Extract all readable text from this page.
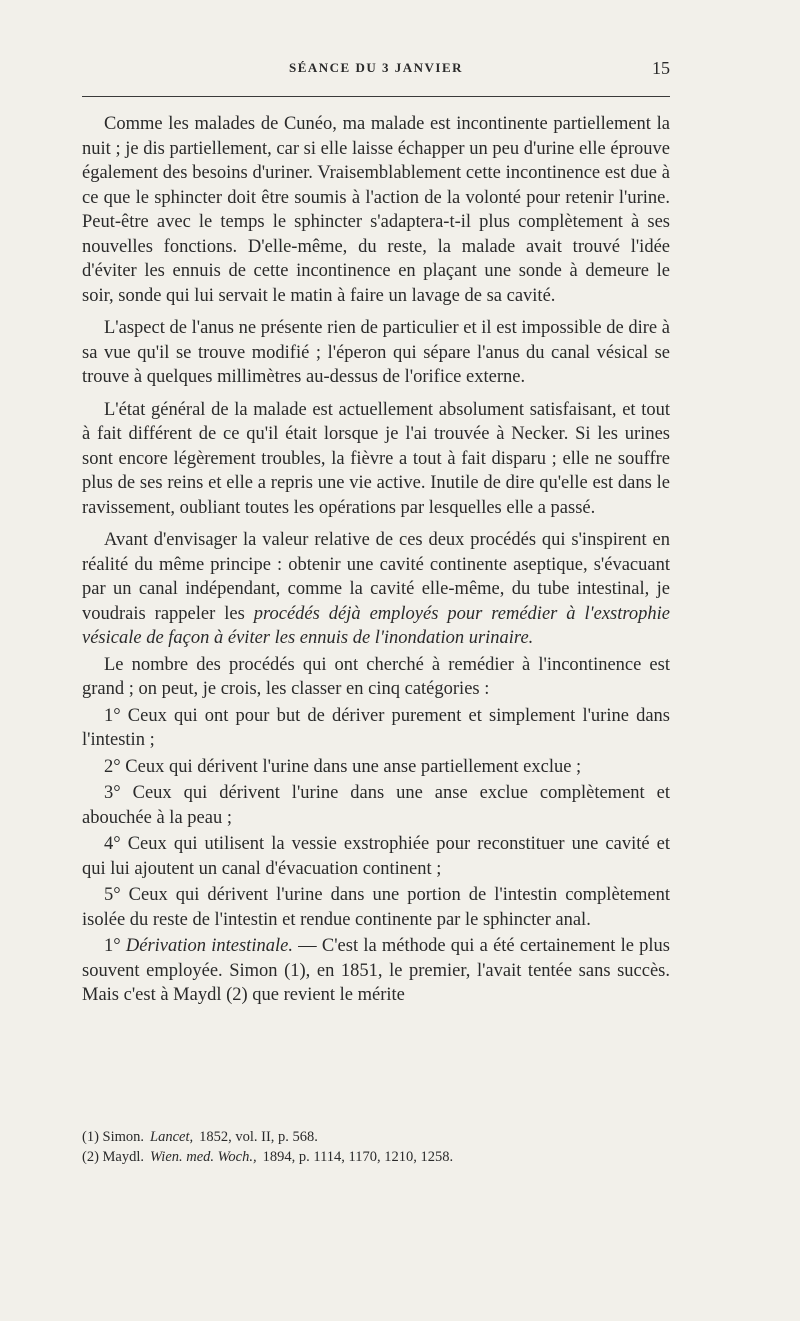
SÉANCE DU 3 JANVIER	15

Comme les malades de Cunéo, ma malade est incontinente partiellement la nuit ; je dis partiellement, car si elle laisse échapper un peu d'urine elle éprouve également des besoins d'uriner. Vraisemblablement cette incontinence est due à ce que le sphincter doit être soumis à l'action de la volonté pour retenir l'urine. Peut-être avec le temps le sphincter s'adaptera-t-il plus complètement à ses nouvelles fonctions. D'elle-même, du reste, la malade avait trouvé l'idée d'éviter les ennuis de cette incontinence en plaçant une sonde à demeure le soir, sonde qui lui servait le matin à faire un lavage de sa cavité.

L'aspect de l'anus ne présente rien de particulier et il est impossible de dire à sa vue qu'il se trouve modifié ; l'éperon qui sépare l'anus du canal vésical se trouve à quelques millimètres au-dessus de l'orifice externe.

L'état général de la malade est actuellement absolument satisfaisant, et tout à fait différent de ce qu'il était lorsque je l'ai trouvée à Necker. Si les urines sont encore légèrement troubles, la fièvre a tout à fait disparu ; elle ne souffre plus de ses reins et elle a repris une vie active. Inutile de dire qu'elle est dans le ravissement, oubliant toutes les opérations par lesquelles elle a passé.

Avant d'envisager la valeur relative de ces deux procédés qui s'inspirent en réalité du même principe : obtenir une cavité continente aseptique, s'évacuant par un canal indépendant, comme la cavité elle-même, du tube intestinal, je voudrais rappeler les procédés déjà employés pour remédier à l'exstrophie vésicale de façon à éviter les ennuis de l'inondation urinaire.

Le nombre des procédés qui ont cherché à remédier à l'incontinence est grand ; on peut, je crois, les classer en cinq catégories :

1° Ceux qui ont pour but de dériver purement et simplement l'urine dans l'intestin ;

2° Ceux qui dérivent l'urine dans une anse partiellement exclue ;

3° Ceux qui dérivent l'urine dans une anse exclue complètement et abouchée à la peau ;

4° Ceux qui utilisent la vessie exstrophiée pour reconstituer une cavité et qui lui ajoutent un canal d'évacuation continent ;

5° Ceux qui dérivent l'urine dans une portion de l'intestin complètement isolée du reste de l'intestin et rendue continente par le sphincter anal.

1° Dérivation intestinale. — C'est la méthode qui a été certainement le plus souvent employée. Simon (1), en 1851, le premier, l'avait tentée sans succès. Mais c'est à Maydl (2) que revient le mérite

(1) Simon. Lancet, 1852, vol. II, p. 568.
(2) Maydl. Wien. med. Woch., 1894, p. 1114, 1170, 1210, 1258.
